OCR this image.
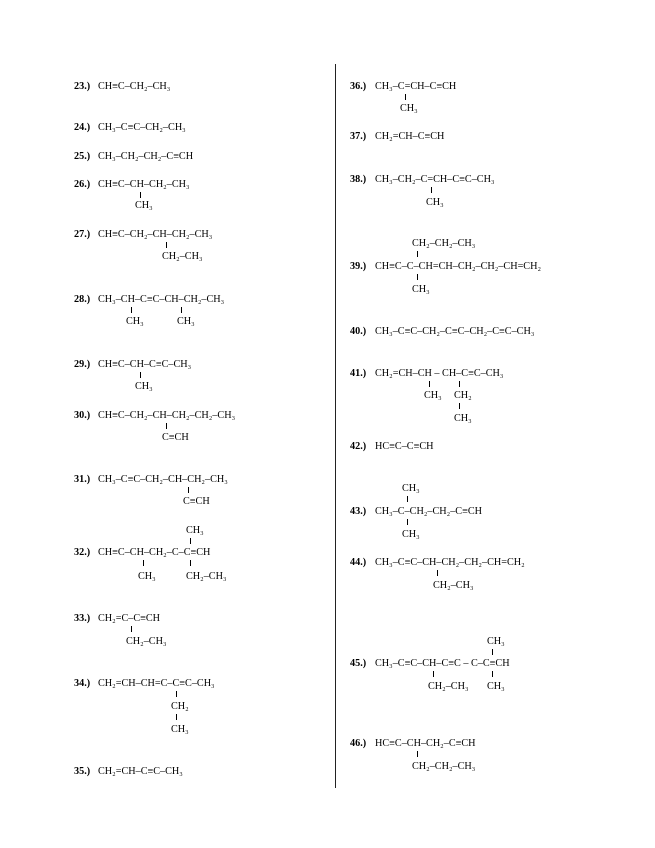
23.) CH≡C–CH₂–CH₃
24.) CH₃–C≡C–CH₂–CH₃
25.) CH₃–CH₂–CH₂–C≡CH
26.) CH≡C–CH–CH₂–CH₃
CH₃
27.) CH≡C–CH₂–CH–CH₂–CH₃
CH₂–CH₃
28.) CH₃–CH–C≡C–CH–CH₂–CH₃
CH₃	CH₃
29.) CH≡C–CH–C≡C–CH₃
CH₃
30.) CH≡C–CH₂–CH–CH₂–CH₂–CH₃
C≡CH
31.) CH₃–C≡C–CH₂–CH–CH₂–CH₃
C≡CH
CH₃
32.) CH≡C–CH–CH₂–C–C≡CH
CH₃	CH₂–CH₃
33.) CH₂=C–C≡CH
CH₂–CH₃
34.) CH₂=CH–CH=C–C≡C–CH₃
CH₂
CH₃
35.) CH₂=CH–C≡C–CH₃
36.) CH₃–C=CH–C≡CH
CH₃
37.) CH₂=CH–C≡CH
38.) CH₃–CH₂–C=CH–C≡C–CH₃
CH₃
CH₂–CH₂–CH₃
39.) CH≡C–C–CH=CH–CH₂–CH₂–CH=CH₂
CH₃
40.) CH₃–C≡C–CH₂–C≡C–CH₂–C≡C–CH₃
41.) CH₂=CH–CH – CH–C≡C–CH₃
CH₃ CH₂
CH₃
42.) HC≡C–C≡CH
CH₃
43.) CH₃–C–CH₂–CH₂–C≡CH
CH₃
44.) CH₃–C≡C–CH–CH₂–CH₂–CH=CH₂
CH₂–CH₃
CH₃
45.) CH₃–C≡C–CH–C≡C – C–C≡CH
CH₂–CH₃ CH₃
46.) HC≡C–CH–CH₂–C≡CH
CH₂–CH₂–CH₃
